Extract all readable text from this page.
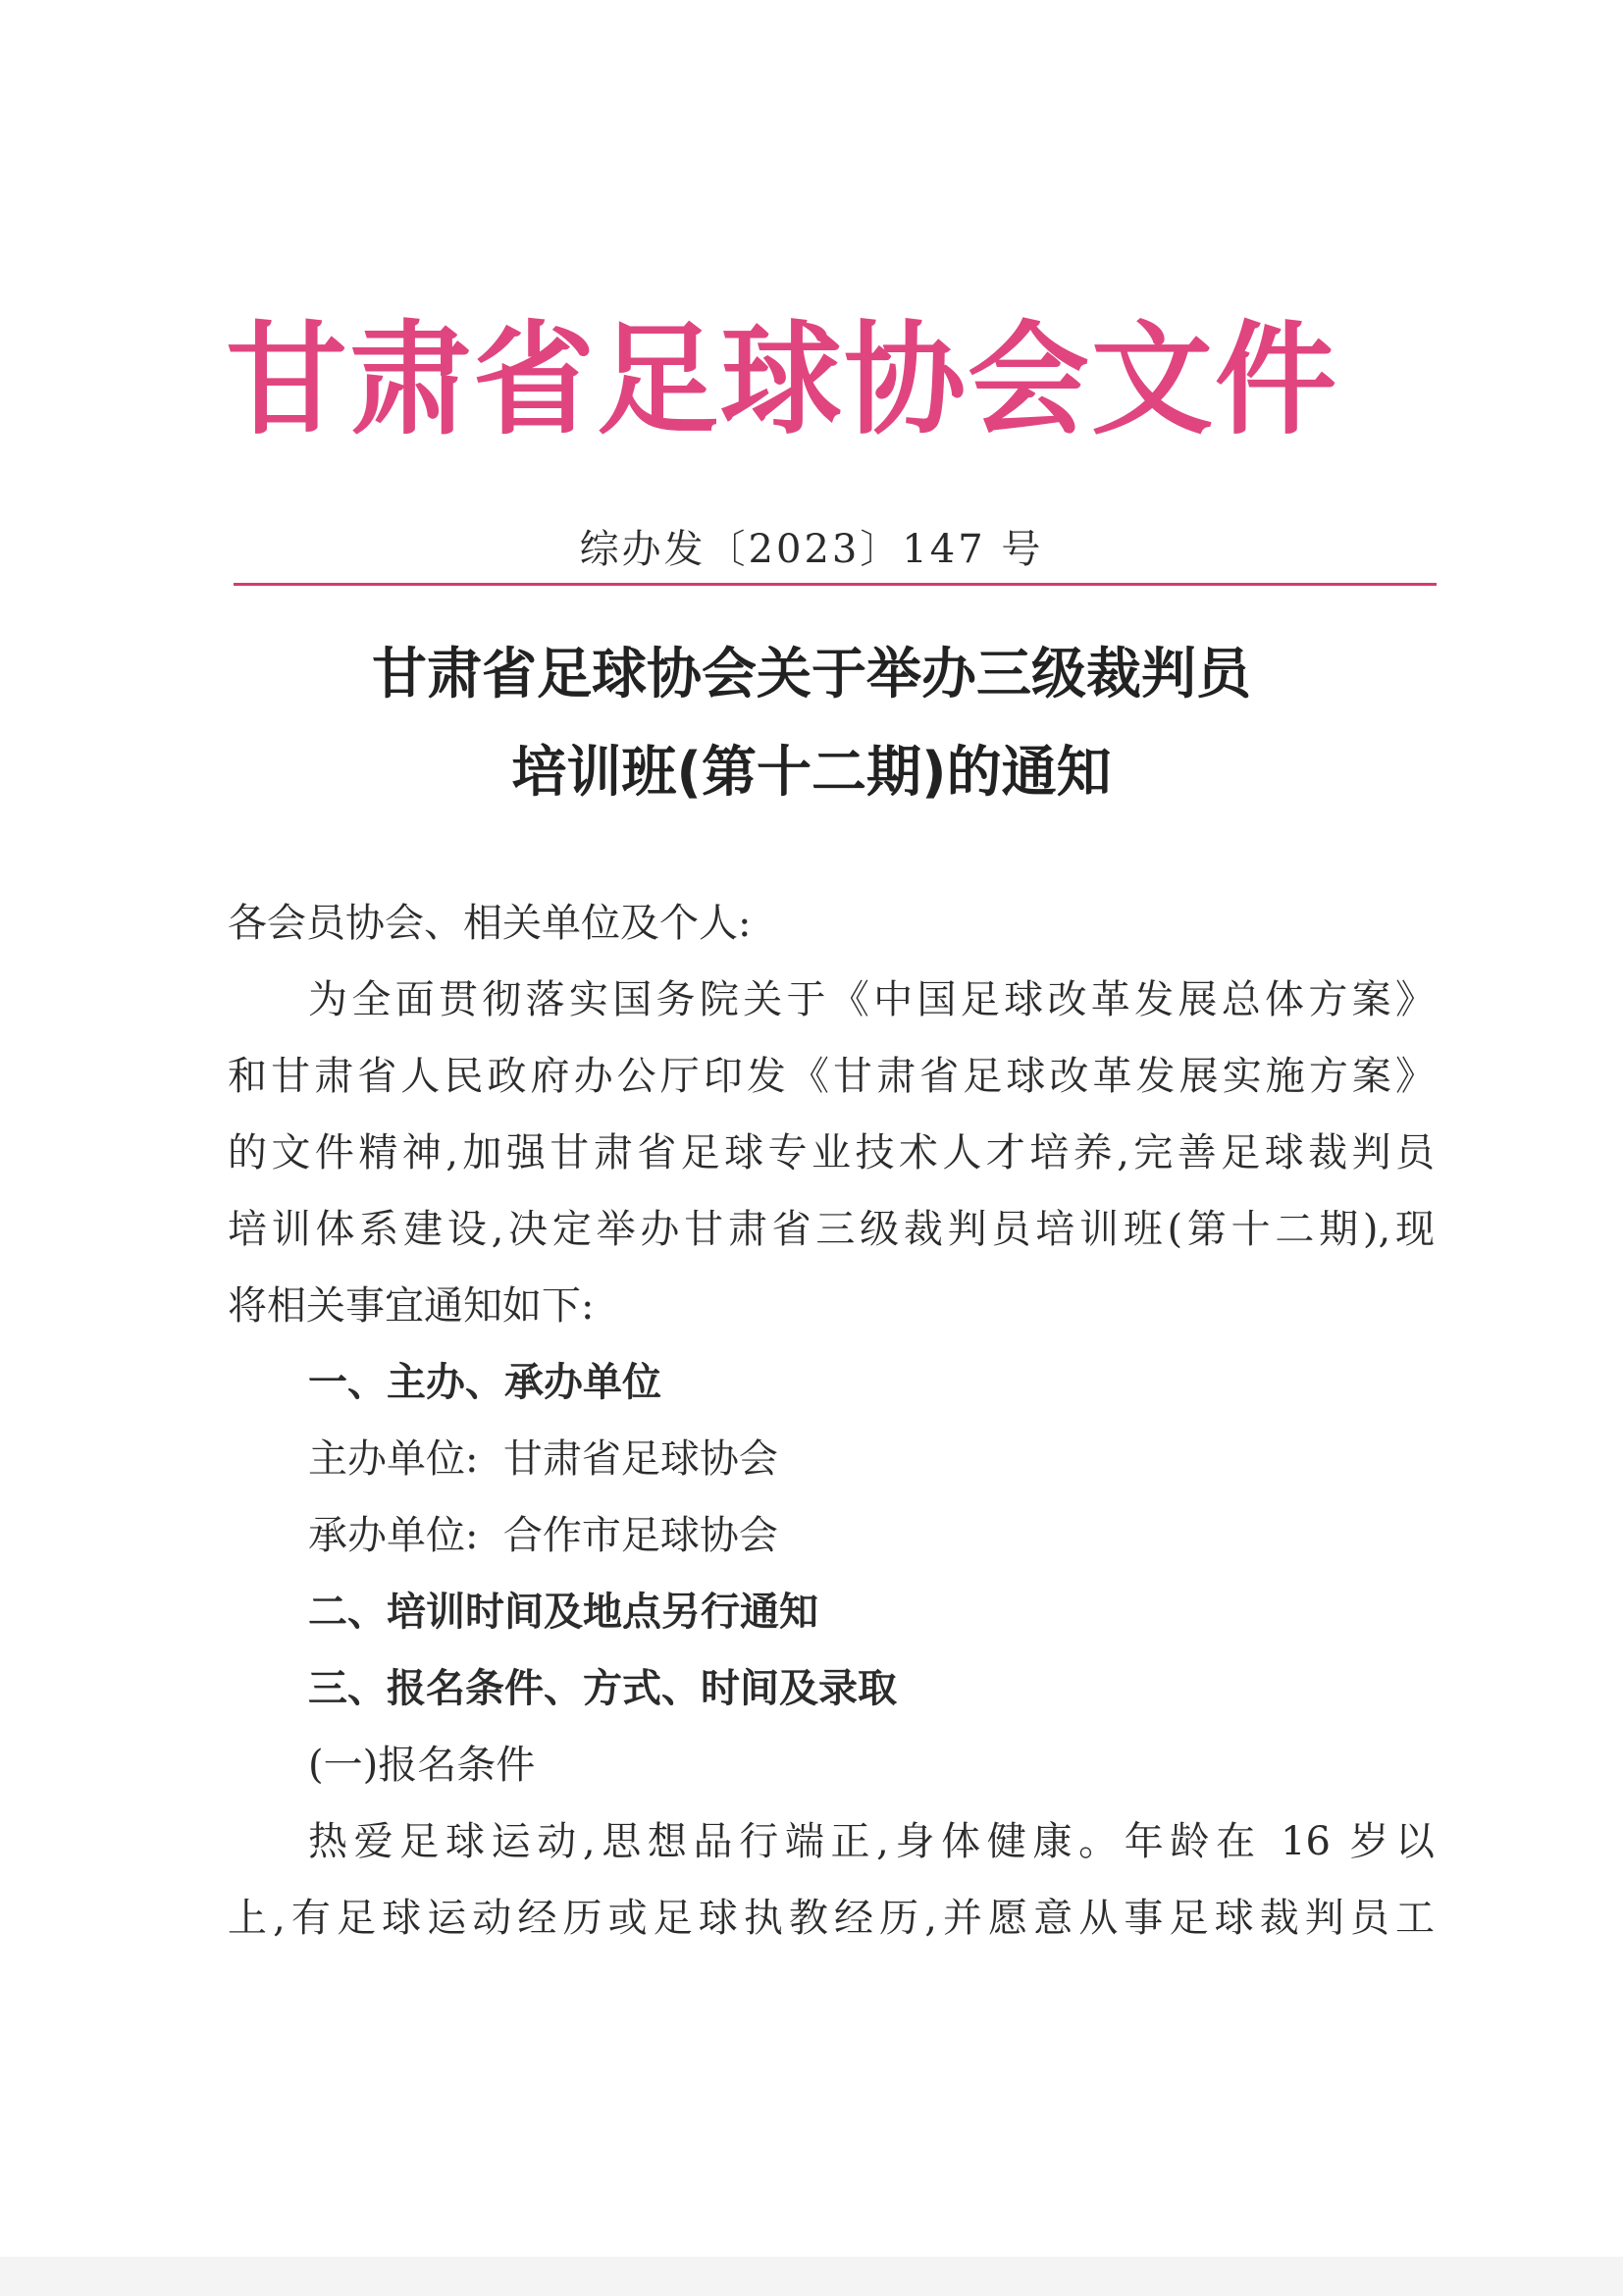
甘肃省足球协会文件
综办发〔2023〕147 号
甘肃省足球协会关于举办三级裁判员
培训班(第十二期)的通知
各会员协会、相关单位及个人:
为全面贯彻落实国务院关于《中国足球改革发展总体方案》
和甘肃省人民政府办公厅印发《甘肃省足球改革发展实施方案》
的文件精神,加强甘肃省足球专业技术人才培养,完善足球裁判员
培训体系建设,决定举办甘肃省三级裁判员培训班(第十二期),现
将相关事宜通知如下:
一、主办、承办单位
主办单位:  甘肃省足球协会
承办单位:  合作市足球协会
二、培训时间及地点另行通知
三、报名条件、方式、时间及录取
(一)报名条件
热爱足球运动,思想品行端正,身体健康。年龄在 16 岁以
上,有足球运动经历或足球执教经历,并愿意从事足球裁判员工
